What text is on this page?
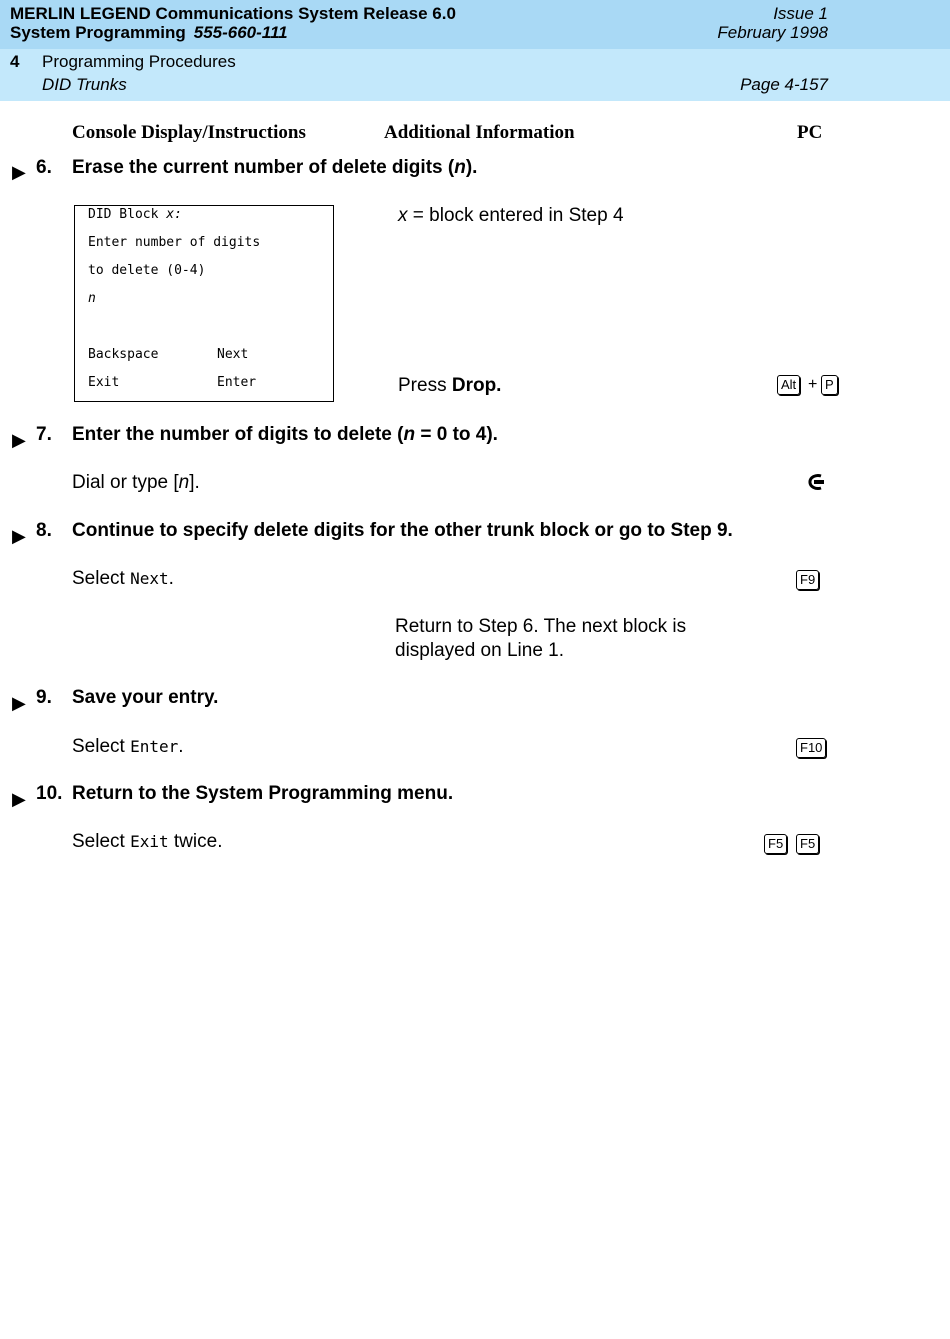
MERLIN LEGEND Communications System Release 6.0
System Programming 555-660-111
Issue 1
February 1998
4 Programming Procedures
DID Trunks	Page 4-157
Console Display/Instructions	Additional Information	PC
▶ 6. Erase the current number of delete digits (n).
DID Block x:
Enter number of digits
to delete (0-4)
n
Backspace	Next
Exit	Enter
x = block entered in Step 4
Press Drop.	Alt + P
▶ 7. Enter the number of digits to delete (n = 0 to 4).
Dial or type [n].
▶ 8. Continue to specify delete digits for the other trunk block or go to Step 9.
Select Next.	F9
Return to Step 6. The next block is
displayed on Line 1.
▶ 9. Save your entry.
Select Enter.	F10
▶ 10. Return to the System Programming menu.
Select Exit twice.	F5	F5
